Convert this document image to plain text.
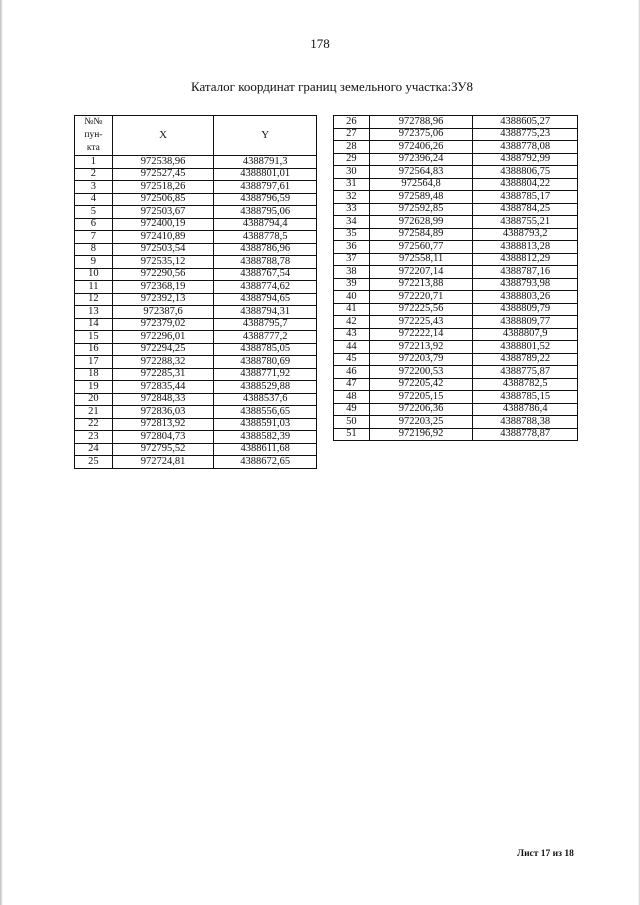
178
Каталог координат границ земельного участка:ЗУ8
№№
пун-
кта	X	Y
1	972538,96	4388791,3
2	972527,45	4388801,01
3	972518,26	4388797,61
4	972506,85	4388796,59
5	972503,67	4388795,06
6	972400,19	4388794,4
7	972410,89	4388778,5
8	972503,54	4388786,96
9	972535,12	4388788,78
10	972290,56	4388767,54
11	972368,19	4388774,62
12	972392,13	4388794,65
13	972387,6	4388794,31
14	972379,02	4388795,7
15	972296,01	4388777,2
16	972294,25	4388785,05
17	972288,32	4388780,69
18	972285,31	4388771,92
19	972835,44	4388529,88
20	972848,33	4388537,6
21	972836,03	4388556,65
22	972813,92	4388591,03
23	972804,73	4388582,39
24	972795,52	4388611,68
25	972724,81	4388672,65
26	972788,96	4388605,27
27	972375,06	4388775,23
28	972406,26	4388778,08
29	972396,24	4388792,99
30	972564,83	4388806,75
31	972564,8	4388804,22
32	972589,48	4388785,17
33	972592,85	4388784,25
34	972628,99	4388755,21
35	972584,89	4388793,2
36	972560,77	4388813,28
37	972558,11	4388812,29
38	972207,14	4388787,16
39	972213,88	4388793,98
40	972220,71	4388803,26
41	972225,56	4388809,79
42	972225,43	4388809,77
43	972222,14	4388807,9
44	972213,92	4388801,52
45	972203,79	4388789,22
46	972200,53	4388775,87
47	972205,42	4388782,5
48	972205,15	4388785,15
49	972206,36	4388786,4
50	972203,25	4388788,38
51	972196,92	4388778,87
Лист 17 из 18
